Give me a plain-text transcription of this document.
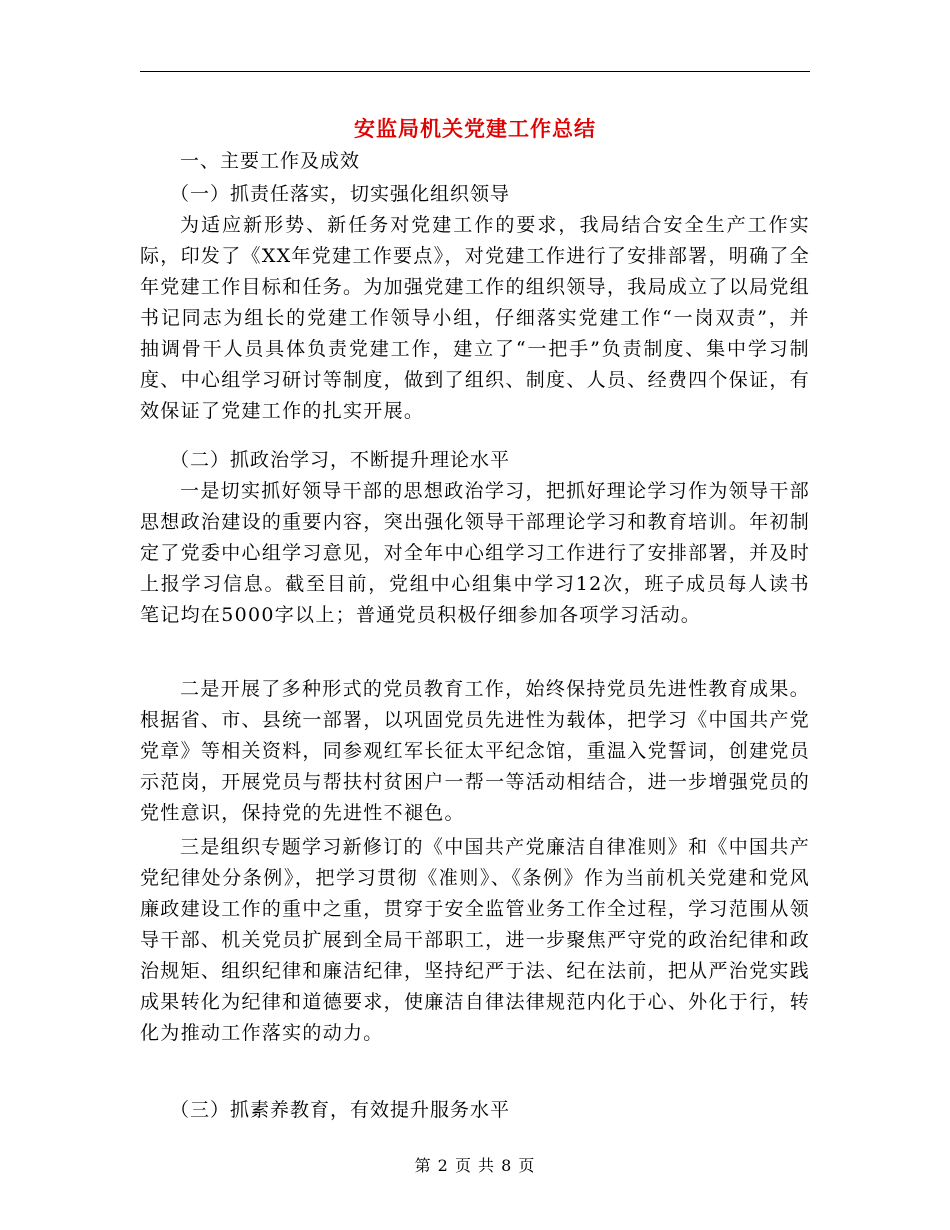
安监局机关党建工作总结
一、主要工作及成效
（一）抓责任落实，切实强化组织领导
为适应新形势、新任务对党建工作的要求，我局结合安全生产工作实际，印发了《XX年党建工作要点》，对党建工作进行了安排部署，明确了全年党建工作目标和任务。为加强党建工作的组织领导，我局成立了以局党组书记同志为组长的党建工作领导小组，仔细落实党建工作“一岗双责”，并抽调骨干人员具体负责党建工作，建立了“一把手”负责制度、集中学习制度、中心组学习研讨等制度，做到了组织、制度、人员、经费四个保证，有效保证了党建工作的扎实开展。
（二）抓政治学习，不断提升理论水平
一是切实抓好领导干部的思想政治学习，把抓好理论学习作为领导干部思想政治建设的重要内容，突出强化领导干部理论学习和教育培训。年初制定了党委中心组学习意见，对全年中心组学习工作进行了安排部署，并及时上报学习信息。截至目前，党组中心组集中学习12次，班子成员每人读书笔记均在5000字以上；普通党员积极仔细参加各项学习活动。
二是开展了多种形式的党员教育工作，始终保持党员先进性教育成果。根据省、市、县统一部署，以巩固党员先进性为载体，把学习《中国共产党党章》等相关资料，同参观红军长征太平纪念馆，重温入党誓词，创建党员示范岗，开展党员与帮扶村贫困户一帮一等活动相结合，进一步增强党员的党性意识，保持党的先进性不褪色。
三是组织专题学习新修订的《中国共产党廉洁自律准则》和《中国共产党纪律处分条例》，把学习贯彻《准则》、《条例》作为当前机关党建和党风廉政建设工作的重中之重，贯穿于安全监管业务工作全过程，学习范围从领导干部、机关党员扩展到全局干部职工，进一步聚焦严守党的政治纪律和政治规矩、组织纪律和廉洁纪律，坚持纪严于法、纪在法前，把从严治党实践成果转化为纪律和道德要求，使廉洁自律法律规范内化于心、外化于行，转化为推动工作落实的动力。
（三）抓素养教育，有效提升服务水平
第 2 页 共 8 页
